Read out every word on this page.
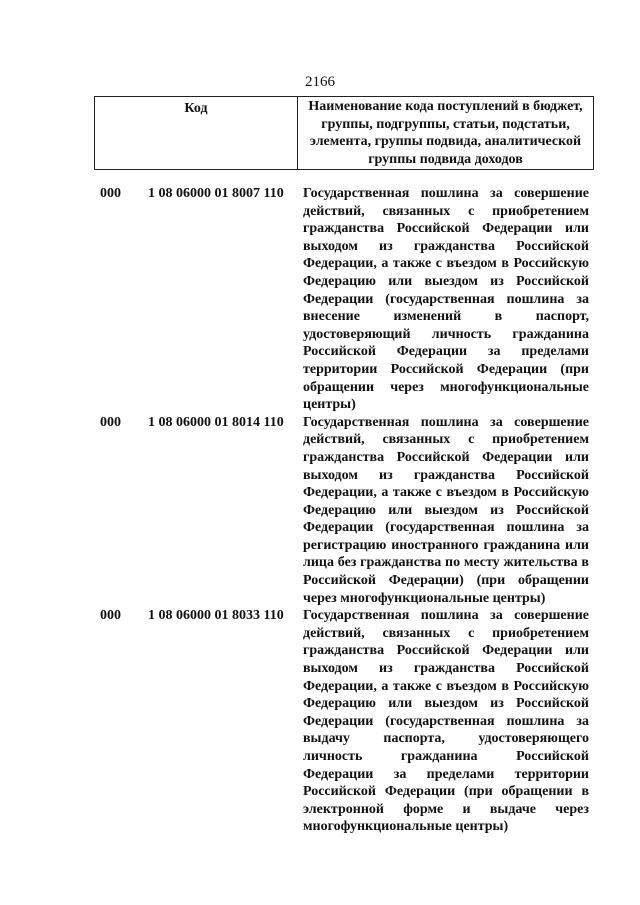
2166
Код	Наименование кода поступлений в бюджет, группы, подгруппы, статьи, подстатьи, элемента, группы подвида, аналитической группы подвида доходов
000	1 08 06000 01 8007 110	Государственная пошлина за совершение действий, связанных с приобретением гражданства Российской Федерации или выходом из гражданства Российской Федерации, а также с въездом в Российскую Федерацию или выездом из Российской Федерации (государственная пошлина за внесение изменений в паспорт, удостоверяющий личность гражданина Российской Федерации за пределами территории Российской Федерации (при обращении через многофункциональные центры)
000	1 08 06000 01 8014 110	Государственная пошлина за совершение действий, связанных с приобретением гражданства Российской Федерации или выходом из гражданства Российской Федерации, а также с въездом в Российскую Федерацию или выездом из Российской Федерации (государственная пошлина за регистрацию иностранного гражданина или лица без гражданства по месту жительства в Российской Федерации) (при обращении через многофункциональные центры)
000	1 08 06000 01 8033 110	Государственная пошлина за совершение действий, связанных с приобретением гражданства Российской Федерации или выходом из гражданства Российской Федерации, а также с въездом в Российскую Федерацию или выездом из Российской Федерации (государственная пошлина за выдачу паспорта, удостоверяющего личность гражданина Российской Федерации за пределами территории Российской Федерации (при обращении в электронной форме и выдаче через многофункциональные центры)
